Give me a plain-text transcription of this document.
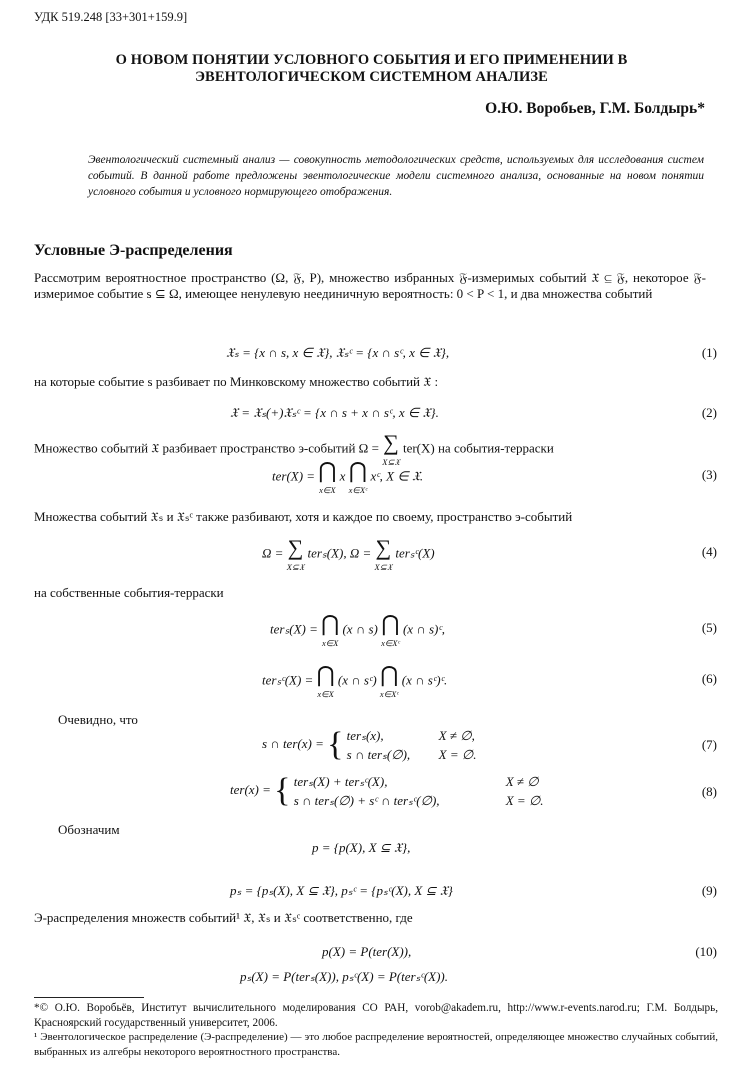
УДК 519.248 [33+301+159.9]
О НОВОМ ПОНЯТИИ УСЛОВНОГО СОБЫТИЯ И ЕГО ПРИМЕНЕНИИ В
ЭВЕНТОЛОГИЧЕСКОМ СИСТЕМНОМ АНАЛИЗЕ
О.Ю. Воробьев, Г.М. Болдырь*
Эвентологический системный анализ — совокупность методологических средств, используемых для исследования систем событий. В данной работе предложены эвентологические модели системного анализа, основанные на новом понятии условного события и условного нормирующего отображения.
Условные Э-распределения
Рассмотрим вероятностное пространство (Ω, 𝔉, P), множество избранных 𝔉-измеримых событий 𝔛 ⊆ 𝔉, некоторое 𝔉-измеримое событие s ⊆ Ω, имеющее ненулевую неединичную вероятность: 0 < P < 1, и два множества событий
𝔛ₛ = {x ∩ s, x ∈ 𝔛}, 𝔛ₛᶜ = {x ∩ sᶜ, x ∈ 𝔛},	(1)
на которые событие s разбивает по Минковскому множество событий 𝔛 :
𝔛 = 𝔛ₛ(+)𝔛ₛᶜ = {x ∩ s + x ∩ sᶜ, x ∈ 𝔛}.	(2)
Множество событий 𝔛 разбивает пространство э-событий Ω = ∑
X⊆𝔛 ter(X) на события-терраски
ter(X) = ⋂
x∈X x ⋂
x∈Xᶜ xᶜ, X ∈ 𝔛.	(3)
Множества событий 𝔛ₛ и 𝔛ₛᶜ также разбивают, хотя и каждое по своему, пространство э-событий
Ω = ∑
X⊆𝔛 terₛ(X), Ω = ∑
X⊆𝔛 terₛᶜ(X)	(4)
на собственные события-терраски
terₛ(X) = ⋂
x∈X (x ∩ s) ⋂
x∈Xᶜ (x ∩ s)ᶜ,	(5)
terₛᶜ(X) = ⋂
x∈X (x ∩ sᶜ) ⋂
x∈Xᶜ (x ∩ sᶜ)ᶜ.	(6)
Очевидно, что
s ∩ ter(x) = { terₛ(x),	X ≠ ∅,
s ∩ terₛ(∅), X = ∅.
(7)
ter(x) = { terₛ(X) + terₛᶜ(X),	X ≠ ∅
s ∩ terₛ(∅) + sᶜ ∩ terₛᶜ(∅),	X = ∅.
(8)
Обозначим
p = {p(X), X ⊆ 𝔛},
pₛ = {pₛ(X), X ⊆ 𝔛}, pₛᶜ = {pₛᶜ(X), X ⊆ 𝔛}	(9)
Э-распределения множеств событий¹ 𝔛, 𝔛ₛ и 𝔛ₛᶜ соответственно, где
p(X) = P(ter(X)),	(10)
pₛ(X) = P(terₛ(X)), pₛᶜ(X) = P(terₛᶜ(X)).
*© О.Ю. Воробьёв, Институт вычислительного моделирования СО РАН, vorob@akadem.ru, http://www.r-events.narod.ru; Г.М. Болдырь, Красноярский государственный университет, 2006.
¹ Эвентологическое распределение (Э-распределение) — это любое распределение вероятностей, определяющее множество случайных событий, выбранных из алгебры некоторого вероятностного пространства.
